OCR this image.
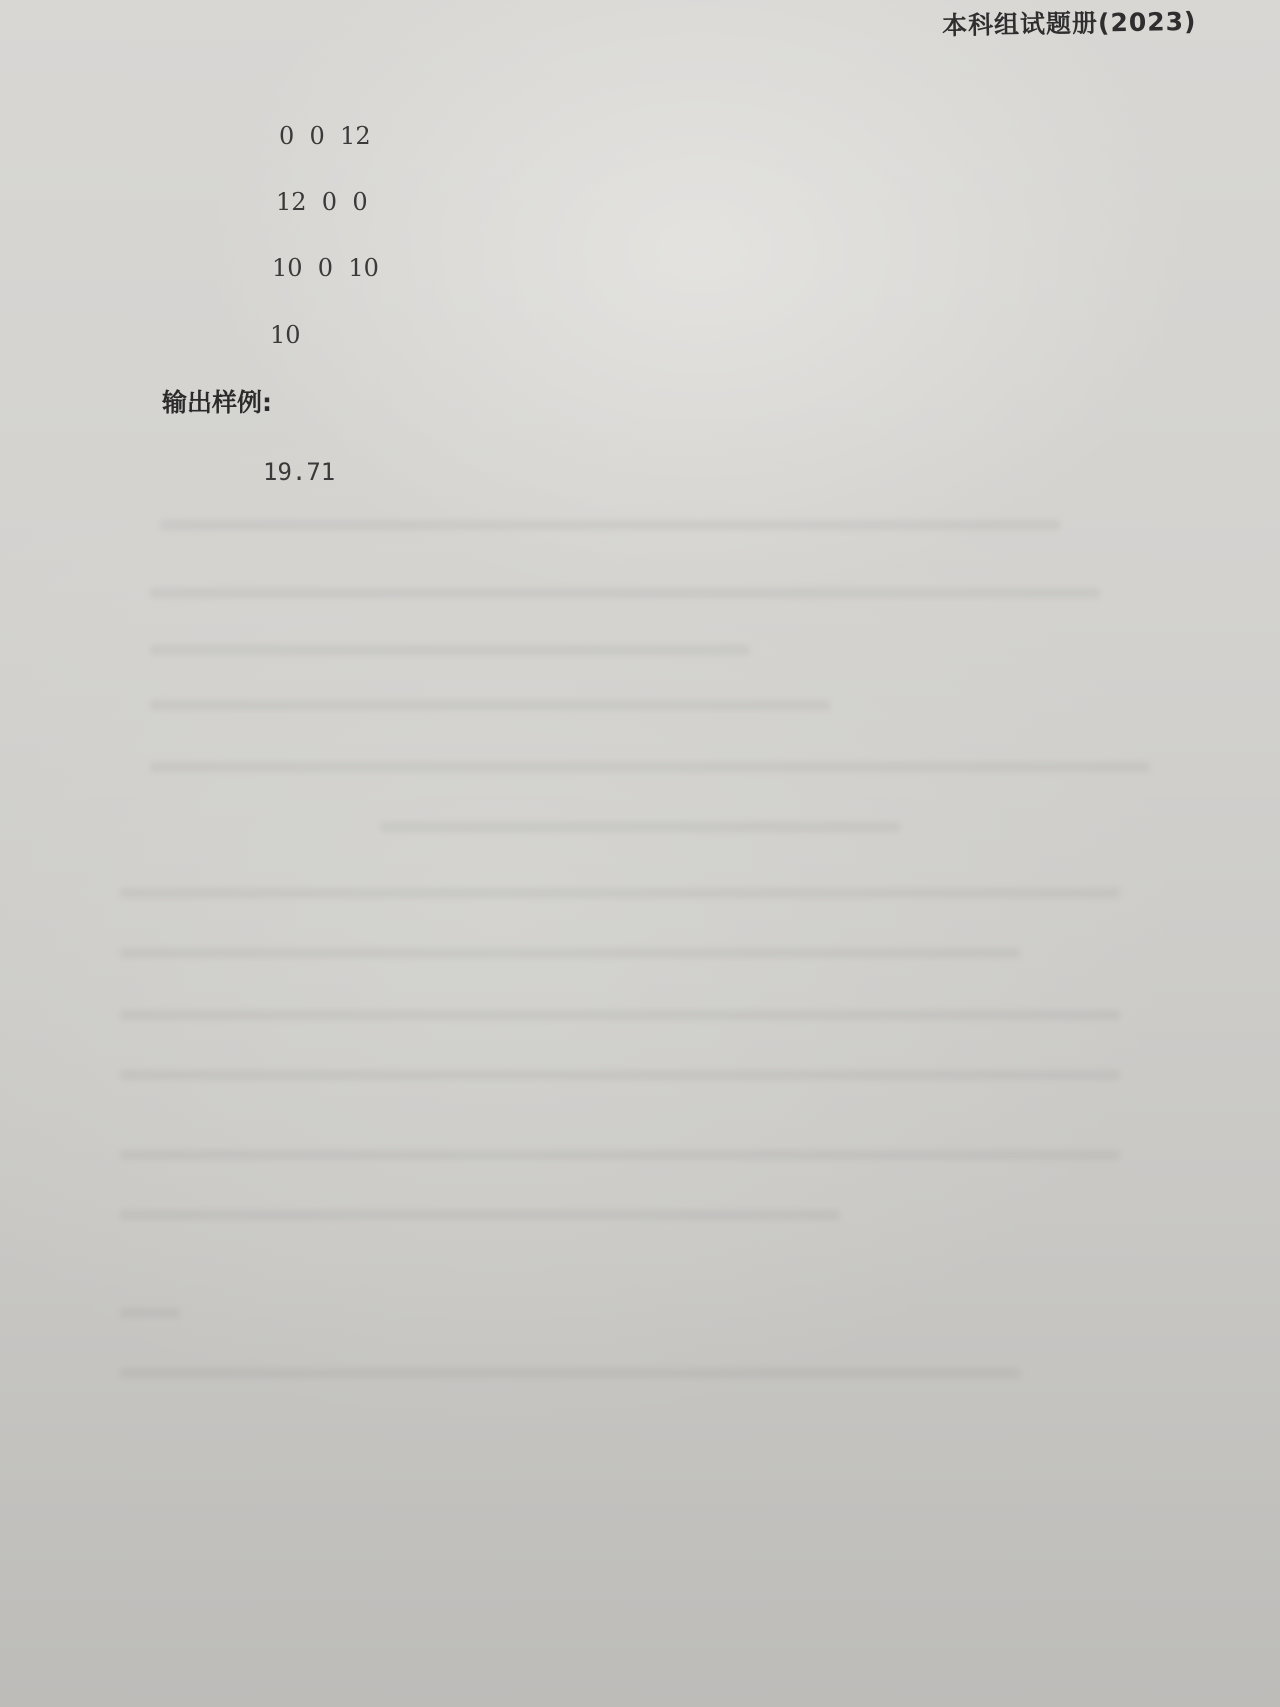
本科组试题册(2023)
0  0  12
12  0  0
10  0  10
10
输出样例:
19.71
